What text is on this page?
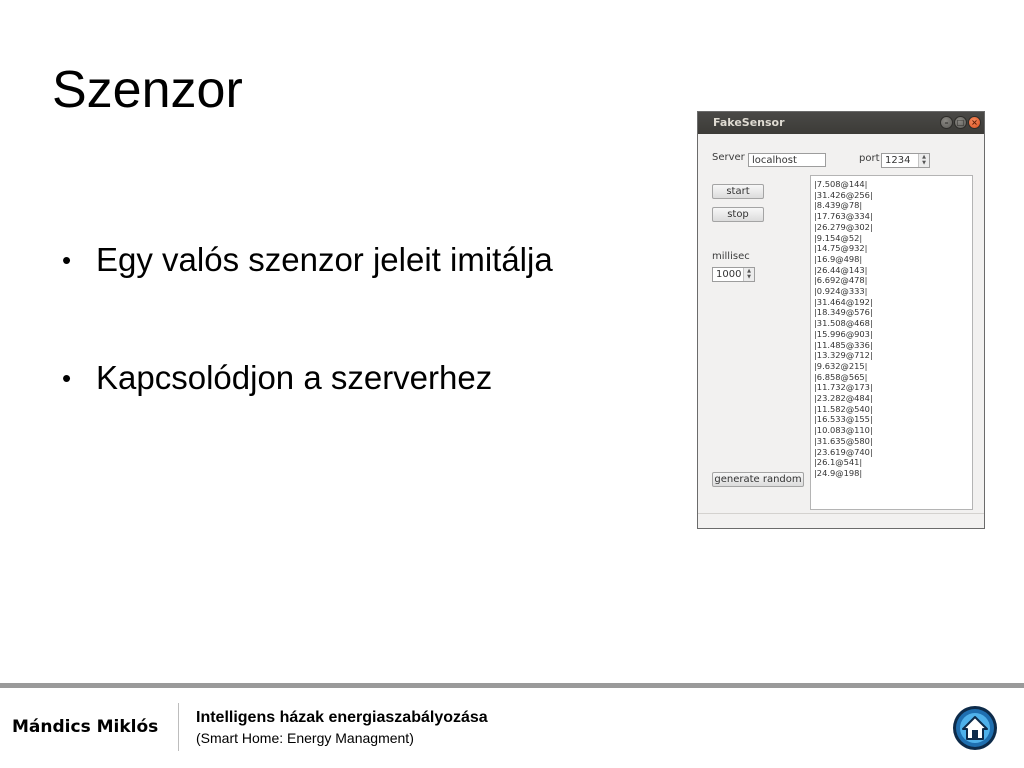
Szenzor
• Egy valós szenzor jeleit imitálja
• Kapcsolódjon a szerverhez
FakeSensor	–	□ ×
Server
localhost	port 1234	▲
▼
start
stop
millisec
1000	▲
▼
generate random
|7.508@144|
|31.426@256|
|8.439@78|
|17.763@334|
|26.279@302|
|9.154@52|
|14.75@932|
|16.9@498|
|26.44@143|
|6.692@478|
|0.924@333|
|31.464@192|
|18.349@576|
|31.508@468|
|15.996@903|
|11.485@336|
|13.329@712|
|9.632@215|
|6.858@565|
|11.732@173|
|23.282@484|
|11.582@540|
|16.533@155|
|10.083@110|
|31.635@580|
|23.619@740|
|26.1@541|
|24.9@198|
Mándics Miklós Intelligens házak energiaszabályozása
(Smart Home: Energy Managment)
